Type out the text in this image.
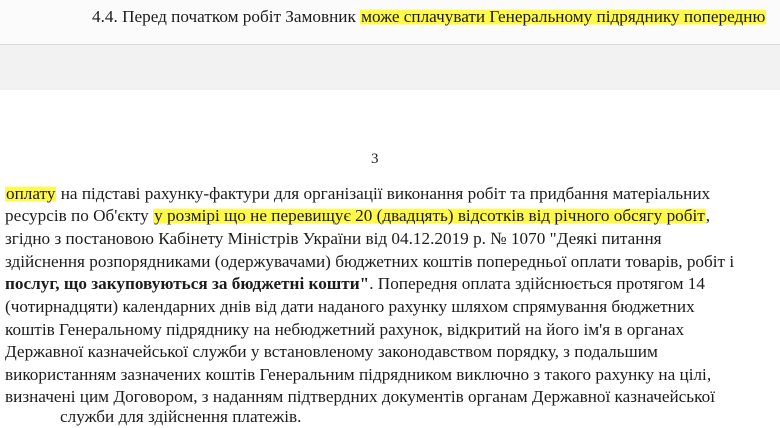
4.4. Перед початком робіт Замовник може сплачувати Генеральному підряднику попередню
3
оплату на підставі рахунку-фактури для організації виконання робіт та придбання матеріальних
ресурсів по Об'єкту у розмірі що не перевищує 20 (двадцять) відсотків від річного обсягу робіт,
згідно з постановою Кабінету Міністрів України від 04.12.2019 р. № 1070 "Деякі питання
здійснення розпорядниками (одержувачами) бюджетних коштів попередньої оплати товарів, робіт і
послуг, що закуповуються за бюджетні кошти". Попередня оплата здійснюється протягом 14
(чотирнадцяти) календарних днів від дати наданого рахунку шляхом спрямування бюджетних
коштів Генеральному підряднику на небюджетний рахунок, відкритий на його ім'я в органах
Державної казначейської служби у встановленому законодавством порядку, з подальшим
використанням зазначених коштів Генеральним підрядником виключно з такого рахунку на цілі,
визначені цим Договором, з наданням підтвердних документів органам Державної казначейської
служби для здійснення платежів.
